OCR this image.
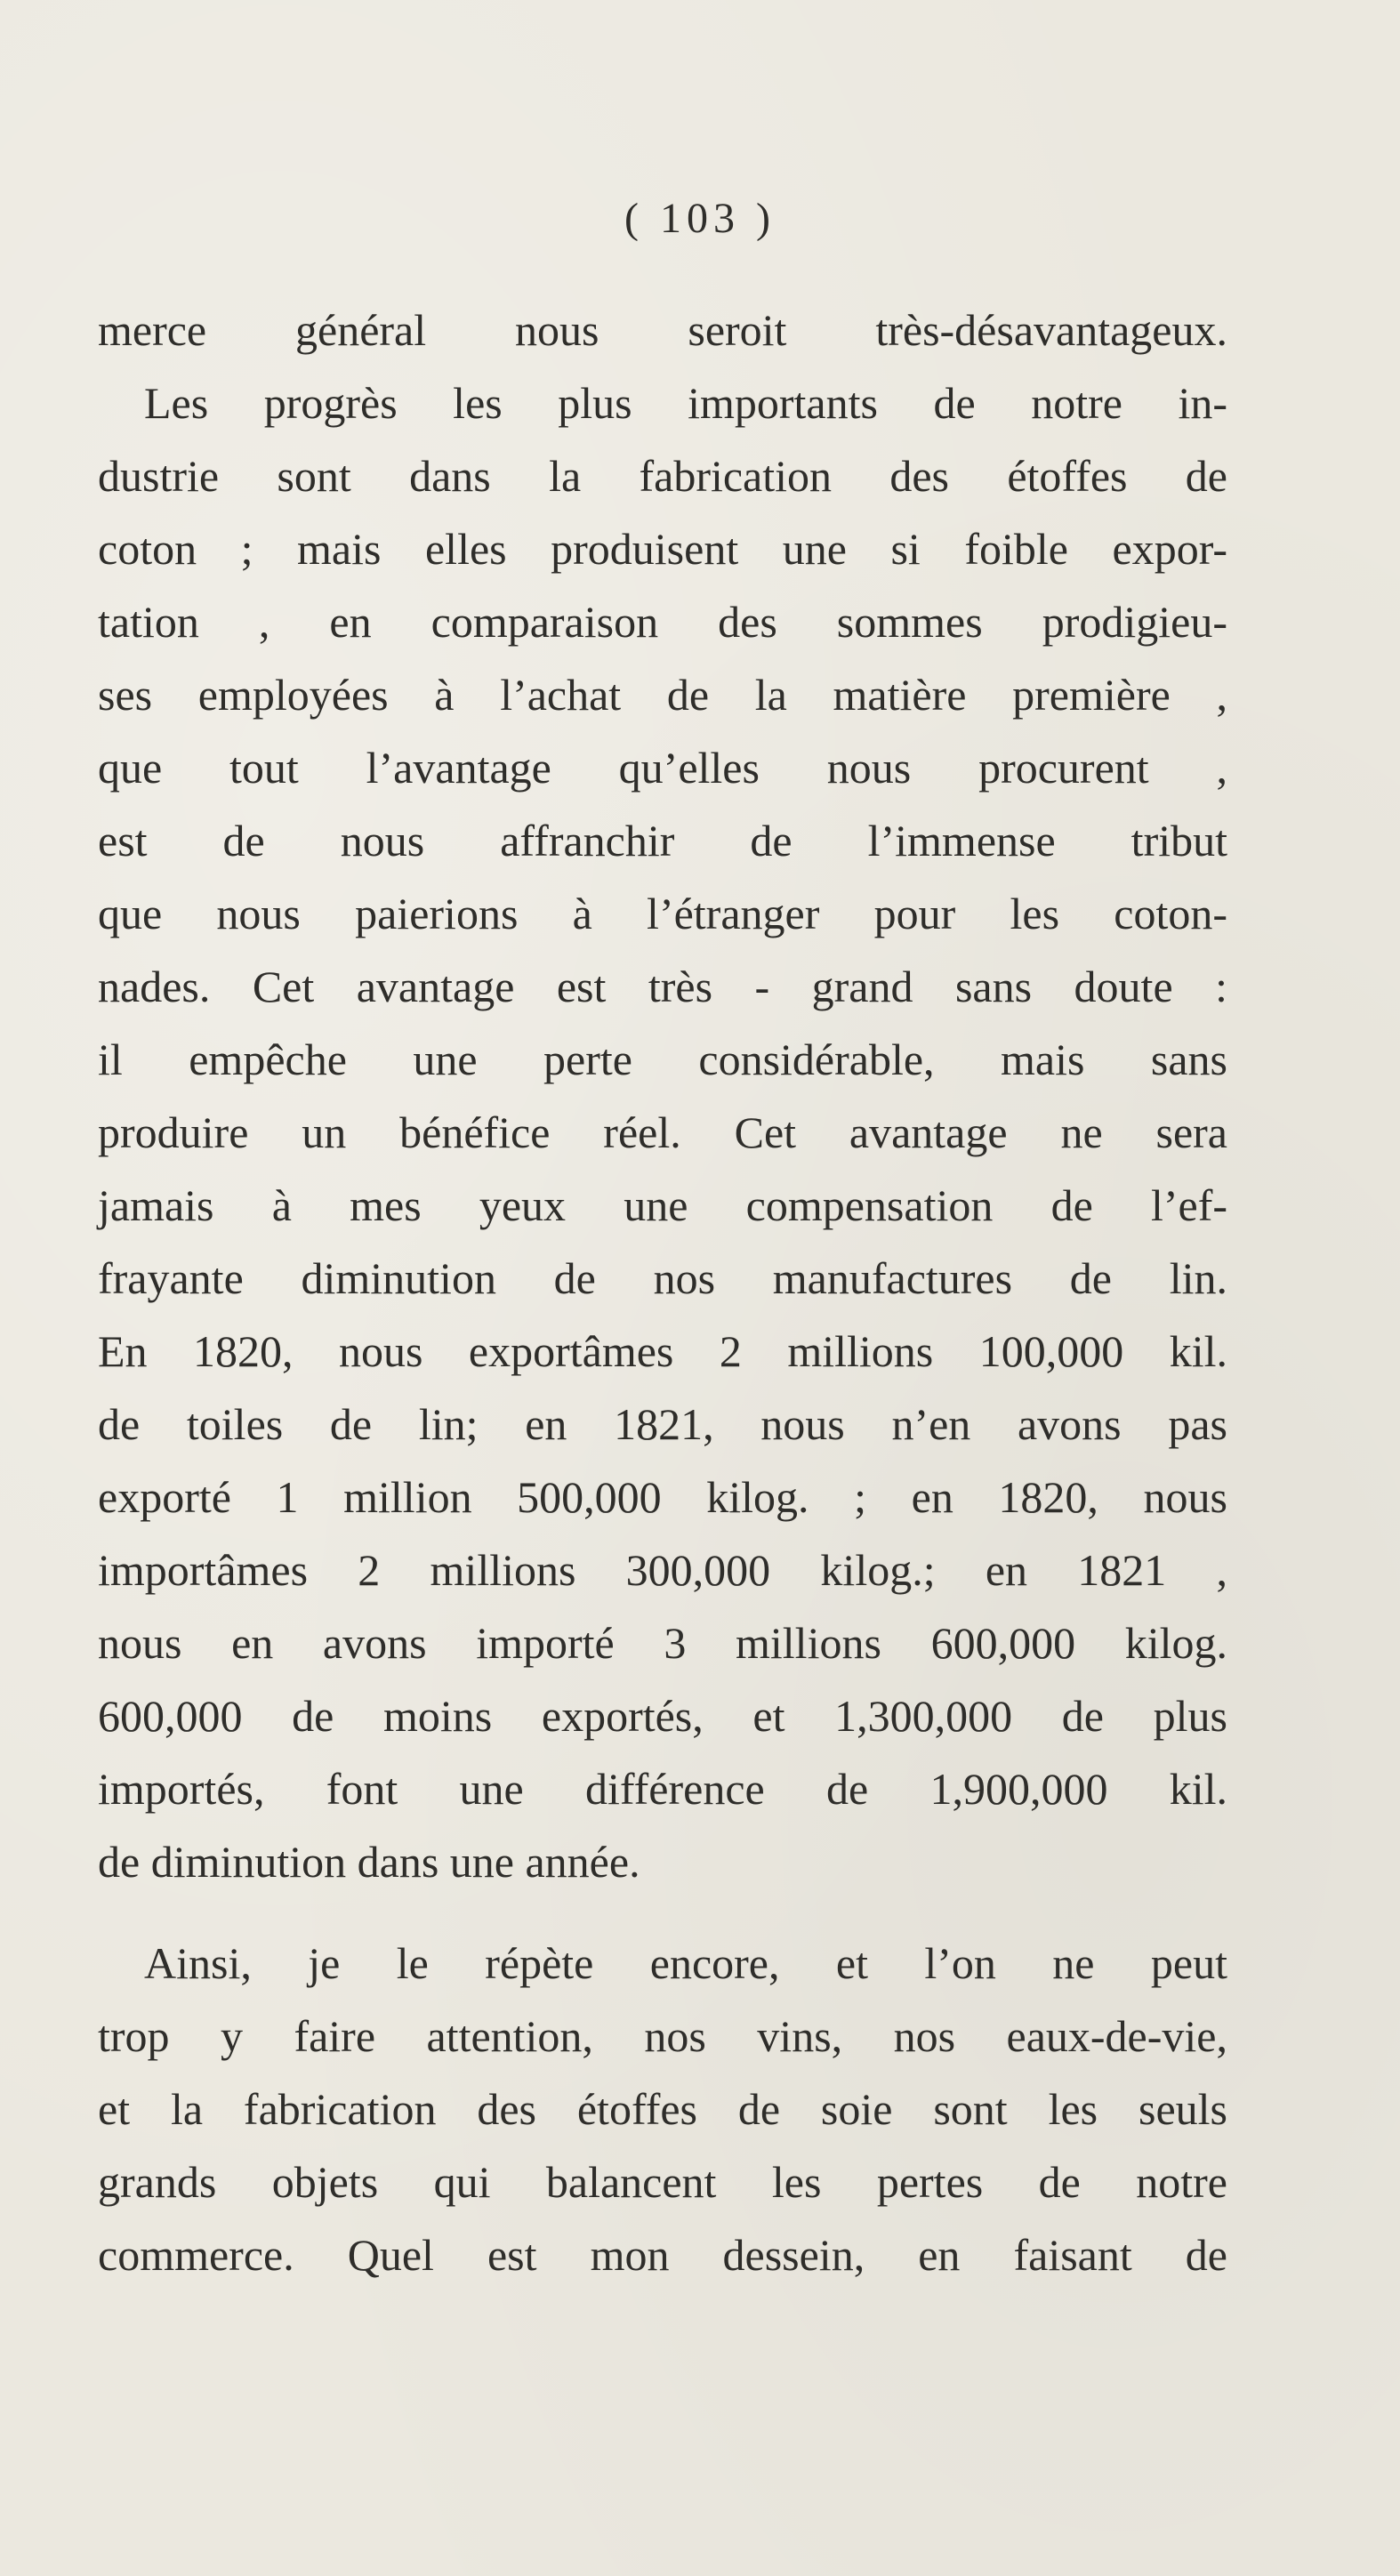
( 103 )
merce général nous seroit très-désavantageux.
Les progrès les plus importants de notre in-
dustrie sont dans la fabrication des étoffes de
coton ; mais elles produisent une si foible expor-
tation , en comparaison des sommes prodigieu-
ses employées à l’achat de la matière première ,
que tout l’avantage qu’elles nous procurent ,
est de nous affranchir de l’immense tribut
que nous paierions à l’étranger pour les coton-
nades. Cet avantage est très - grand sans doute :
il empêche une perte considérable, mais sans
produire un bénéfice réel. Cet avantage ne sera
jamais à mes yeux une compensation de l’ef-
frayante diminution de nos manufactures de lin.
En 1820, nous exportâmes 2 millions 100,000 kil.
de toiles de lin; en 1821, nous n’en avons pas
exporté 1 million 500,000 kilog. ; en 1820, nous
importâmes 2 millions 300,000 kilog.; en 1821 ,
nous en avons importé 3 millions 600,000 kilog.
600,000 de moins exportés, et 1,300,000 de plus
importés, font une différence de 1,900,000 kil.
de diminution dans une année.
Ainsi, je le répète encore, et l’on ne peut
trop y faire attention, nos vins, nos eaux-de-vie,
et la fabrication des étoffes de soie sont les seuls
grands objets qui balancent les pertes de notre
commerce. Quel est mon dessein, en faisant de
